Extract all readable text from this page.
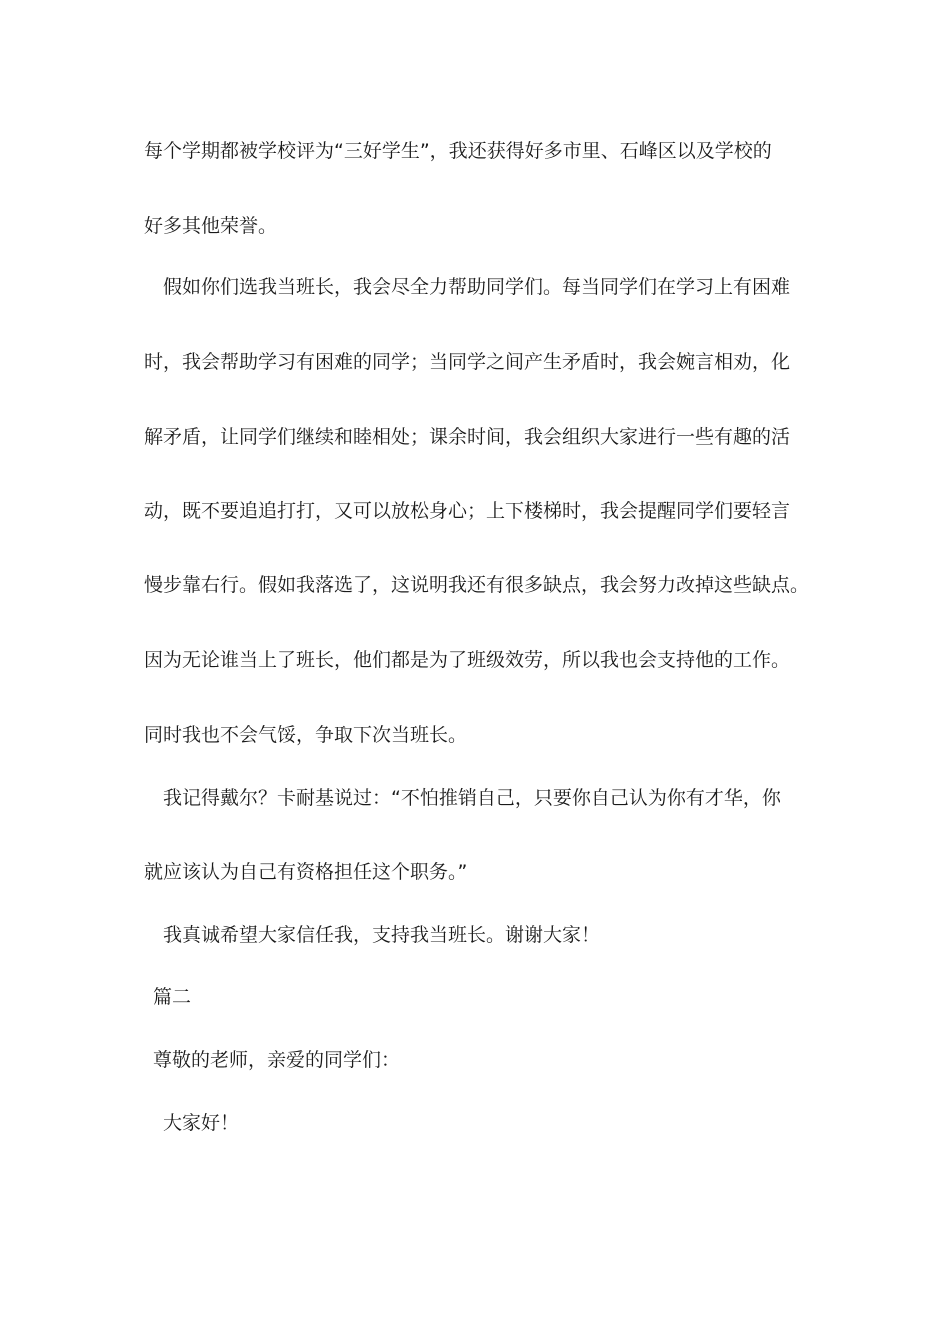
每个学期都被学校评为“三好学生”，我还获得好多市里、石峰区以及学校的
好多其他荣誉。
假如你们选我当班长，我会尽全力帮助同学们。每当同学们在学习上有困难
时，我会帮助学习有困难的同学；当同学之间产生矛盾时，我会婉言相劝，化
解矛盾，让同学们继续和睦相处；课余时间，我会组织大家进行一些有趣的活
动，既不要追追打打，又可以放松身心；上下楼梯时，我会提醒同学们要轻言
慢步靠右行。假如我落选了，这说明我还有很多缺点，我会努力改掉这些缺点。
因为无论谁当上了班长，他们都是为了班级效劳，所以我也会支持他的工作。
同时我也不会气馁，争取下次当班长。
我记得戴尔？卡耐基说过：“不怕推销自己，只要你自己认为你有才华，你
就应该认为自己有资格担任这个职务。”
我真诚希望大家信任我，支持我当班长。谢谢大家！
篇二
尊敬的老师，亲爱的同学们：
大家好！
